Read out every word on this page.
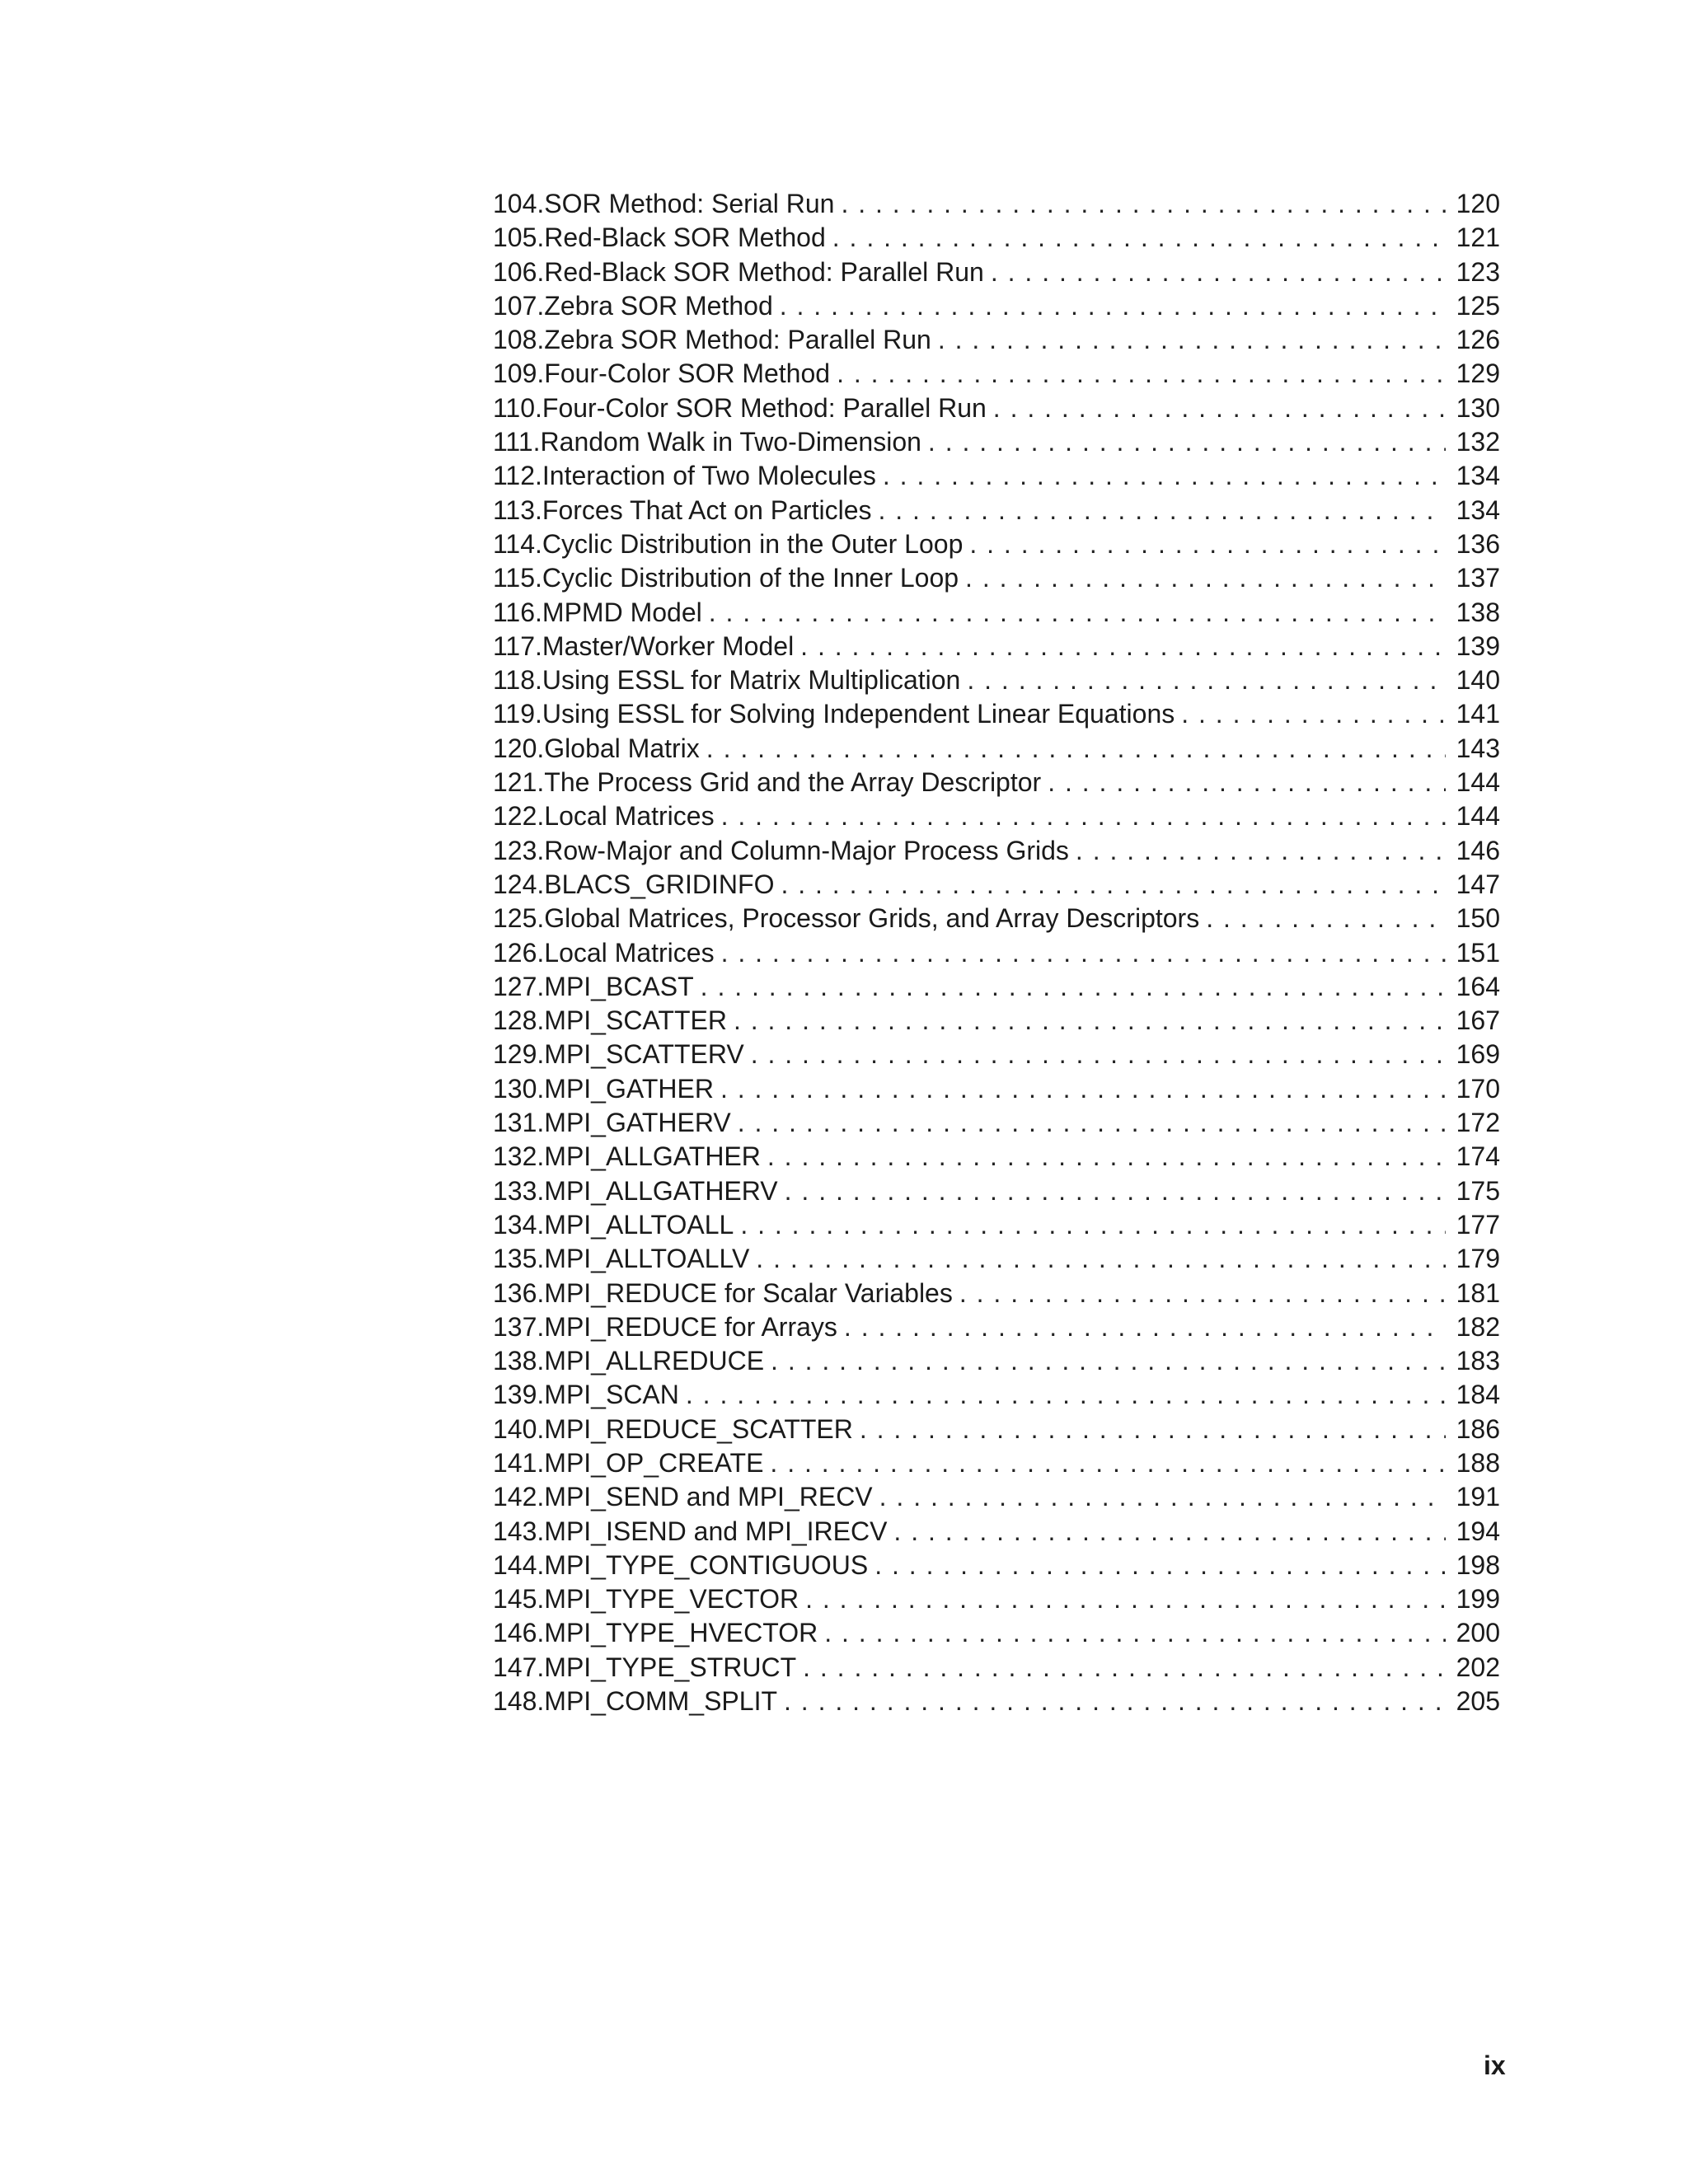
104. SOR Method: Serial Run . . .	120
105. Red-Black SOR Method . . .	121
106. Red-Black SOR Method: Parallel Run . . .	123
107. Zebra SOR Method . . .	125
108. Zebra SOR Method: Parallel Run . . .	126
109. Four-Color SOR Method . . .	129
110. Four-Color SOR Method: Parallel Run . . .	130
111. Random Walk in Two-Dimension . . .	132
112. Interaction of Two Molecules . . .	134
113. Forces That Act on Particles . . .	134
114. Cyclic Distribution in the Outer Loop . . .	136
115. Cyclic Distribution of the Inner Loop . . .	137
116. MPMD Model . . .	138
117. Master/Worker Model . . .	139
118. Using ESSL for Matrix Multiplication . . .	140
119. Using ESSL for Solving Independent Linear Equations . . .	141
120. Global Matrix . . .	143
121. The Process Grid and the Array Descriptor . . .	144
122. Local Matrices . . .	144
123. Row-Major and Column-Major Process Grids . . .	146
124. BLACS_GRIDINFO . . .	147
125. Global Matrices, Processor Grids, and Array Descriptors . . .	150
126. Local Matrices . . .	151
127. MPI_BCAST . . .	164
128. MPI_SCATTER . . .	167
129. MPI_SCATTERV . . .	169
130. MPI_GATHER . . .	170
131. MPI_GATHERV . . .	172
132. MPI_ALLGATHER . . .	174
133. MPI_ALLGATHERV . . .	175
134. MPI_ALLTOALL . . .	177
135. MPI_ALLTOALLV . . .	179
136. MPI_REDUCE for Scalar Variables . . .	181
137. MPI_REDUCE for Arrays . . .	182
138. MPI_ALLREDUCE . . .	183
139. MPI_SCAN . . .	184
140. MPI_REDUCE_SCATTER . . .	186
141. MPI_OP_CREATE . . .	188
142. MPI_SEND and MPI_RECV . . .	191
143. MPI_ISEND and MPI_IRECV . . .	194
144. MPI_TYPE_CONTIGUOUS . . .	198
145. MPI_TYPE_VECTOR . . .	199
146. MPI_TYPE_HVECTOR . . .	200
147. MPI_TYPE_STRUCT . . .	202
148. MPI_COMM_SPLIT . . .	205
ix
